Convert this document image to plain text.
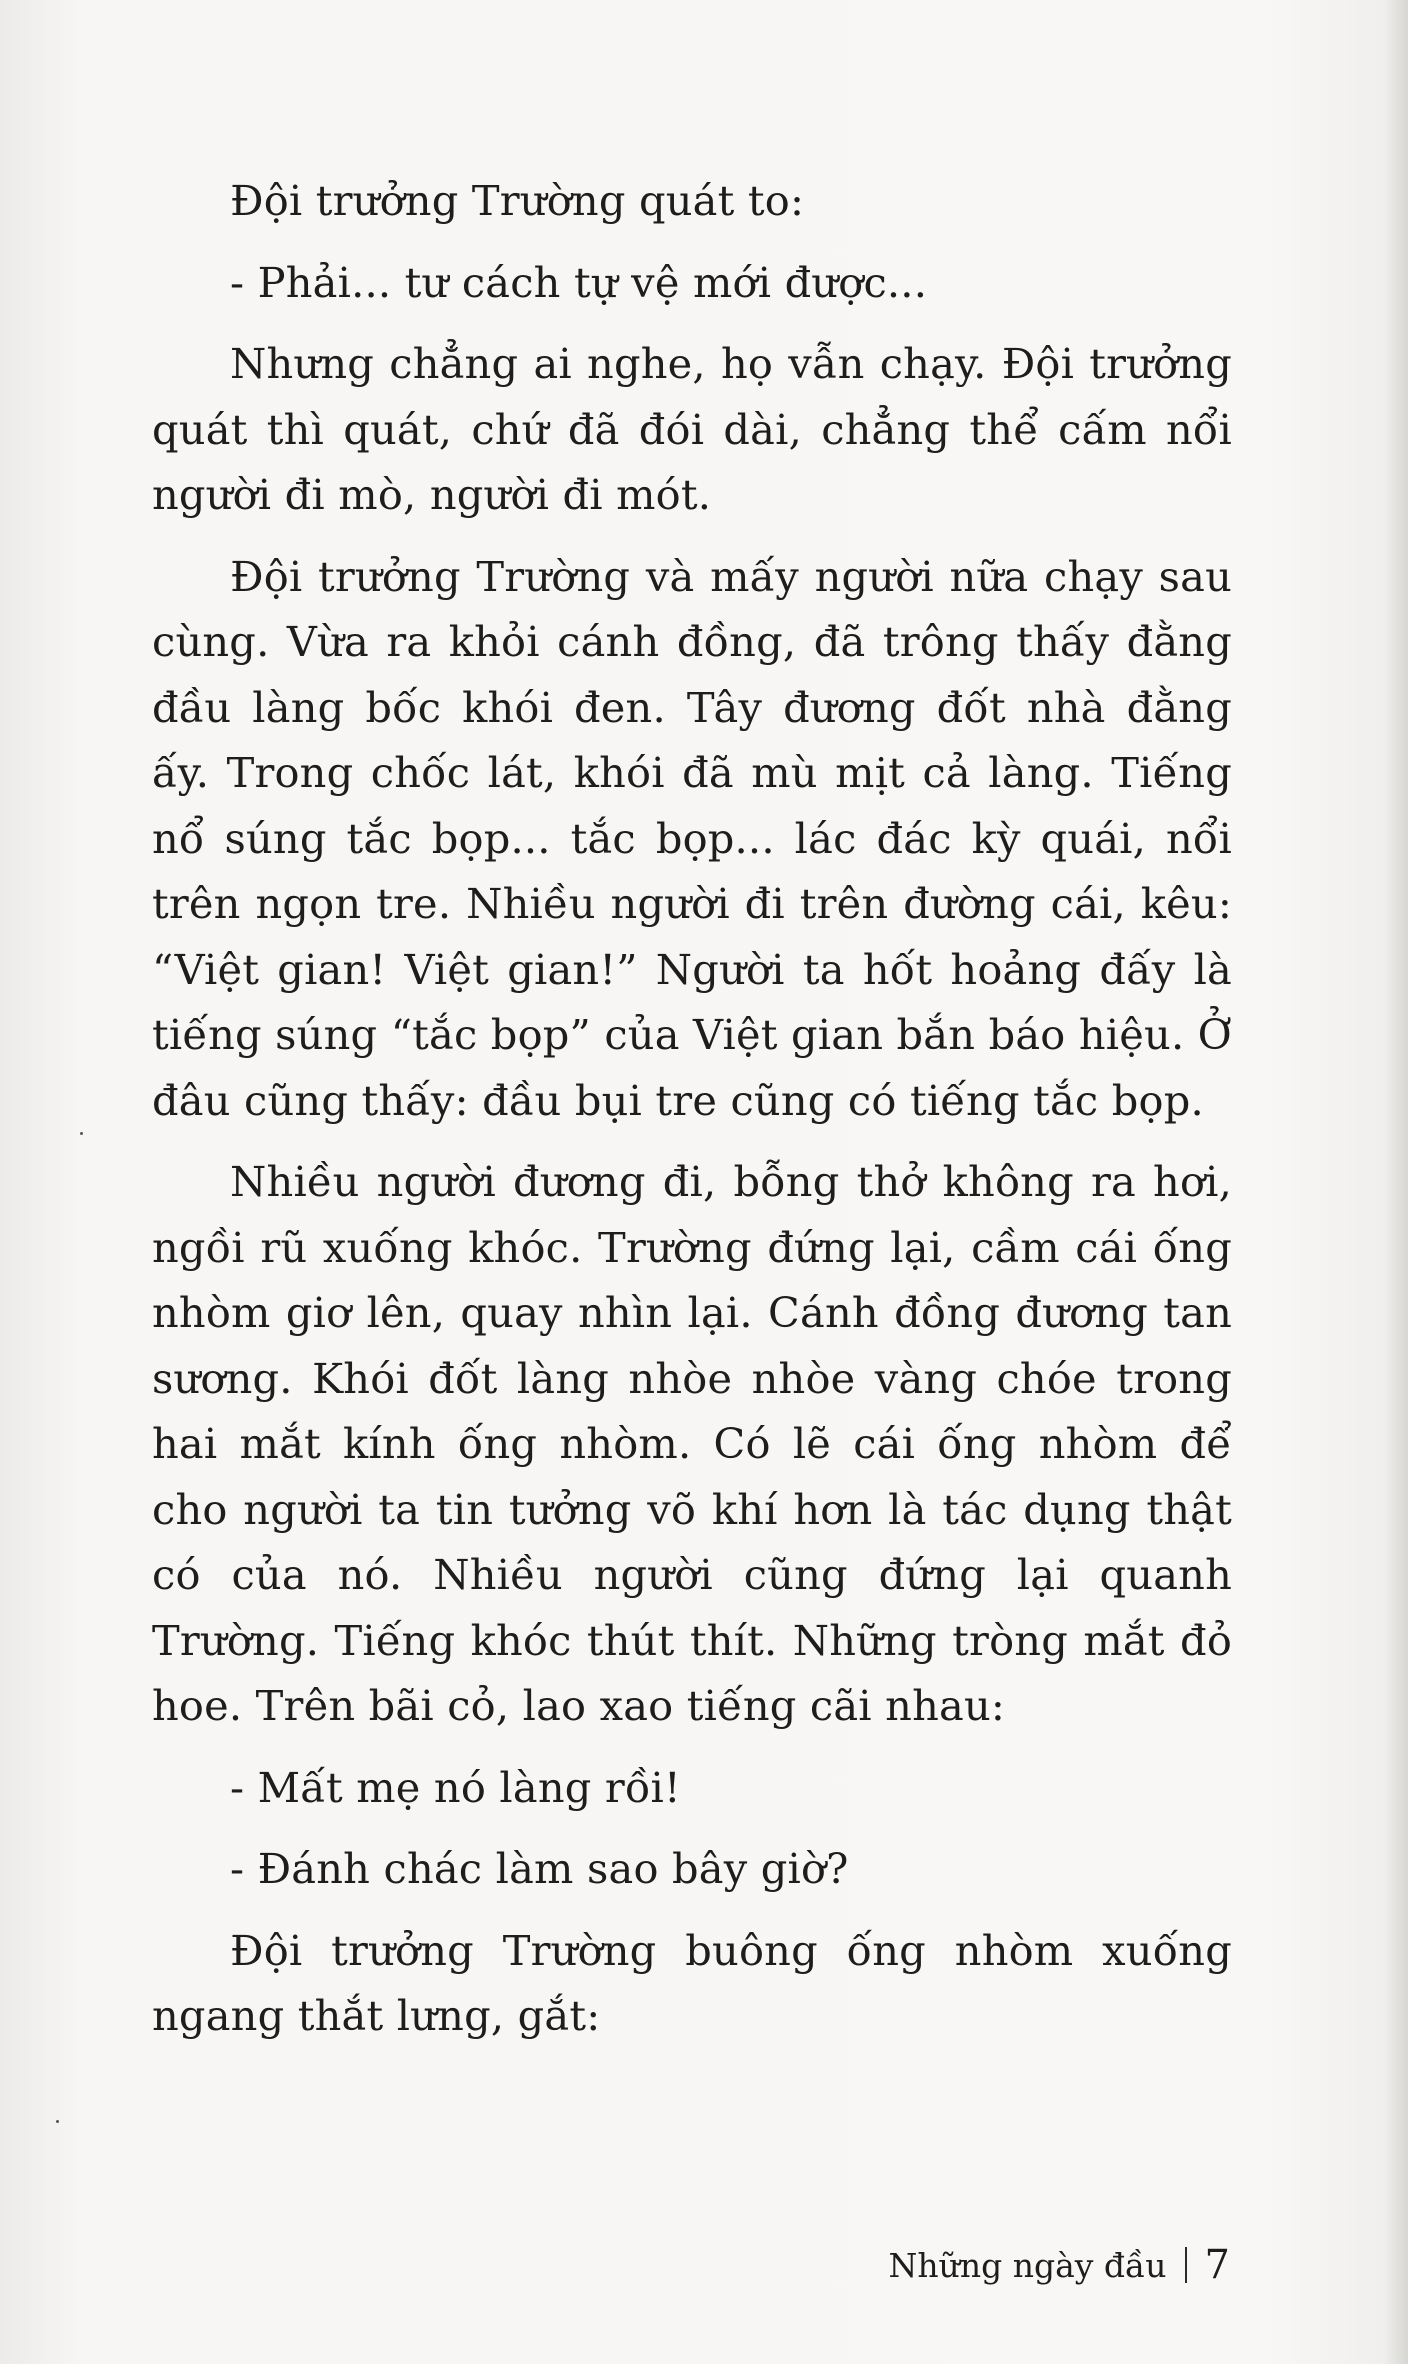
Đội trưởng Trường quát to:

- Phải... tư cách tự vệ mới được...

Nhưng chẳng ai nghe, họ vẫn chạy. Đội trưởng quát thì quát, chứ đã đói dài, chẳng thể cấm nổi người đi mò, người đi mót.

Đội trưởng Trường và mấy người nữa chạy sau cùng. Vừa ra khỏi cánh đồng, đã trông thấy đằng đầu làng bốc khói đen. Tây đương đốt nhà đằng ấy. Trong chốc lát, khói đã mù mịt cả làng. Tiếng nổ súng tắc bọp... tắc bọp... lác đác kỳ quái, nổi trên ngọn tre. Nhiều người đi trên đường cái, kêu: “Việt gian! Việt gian!” Người ta hốt hoảng đấy là tiếng súng “tắc bọp” của Việt gian bắn báo hiệu. Ở đâu cũng thấy: đầu bụi tre cũng có tiếng tắc bọp.

Nhiều người đương đi, bỗng thở không ra hơi, ngồi rũ xuống khóc. Trường đứng lại, cầm cái ống nhòm giơ lên, quay nhìn lại. Cánh đồng đương tan sương. Khói đốt làng nhòe nhòe vàng chóe trong hai mắt kính ống nhòm. Có lẽ cái ống nhòm để cho người ta tin tưởng võ khí hơn là tác dụng thật có của nó. Nhiều người cũng đứng lại quanh Trường. Tiếng khóc thút thít. Những tròng mắt đỏ hoe. Trên bãi cỏ, lao xao tiếng cãi nhau:

- Mất mẹ nó làng rồi!

- Đánh chác làm sao bây giờ?

Đội trưởng Trường buông ống nhòm xuống ngang thắt lưng, gắt:

Những ngày đầu 7
